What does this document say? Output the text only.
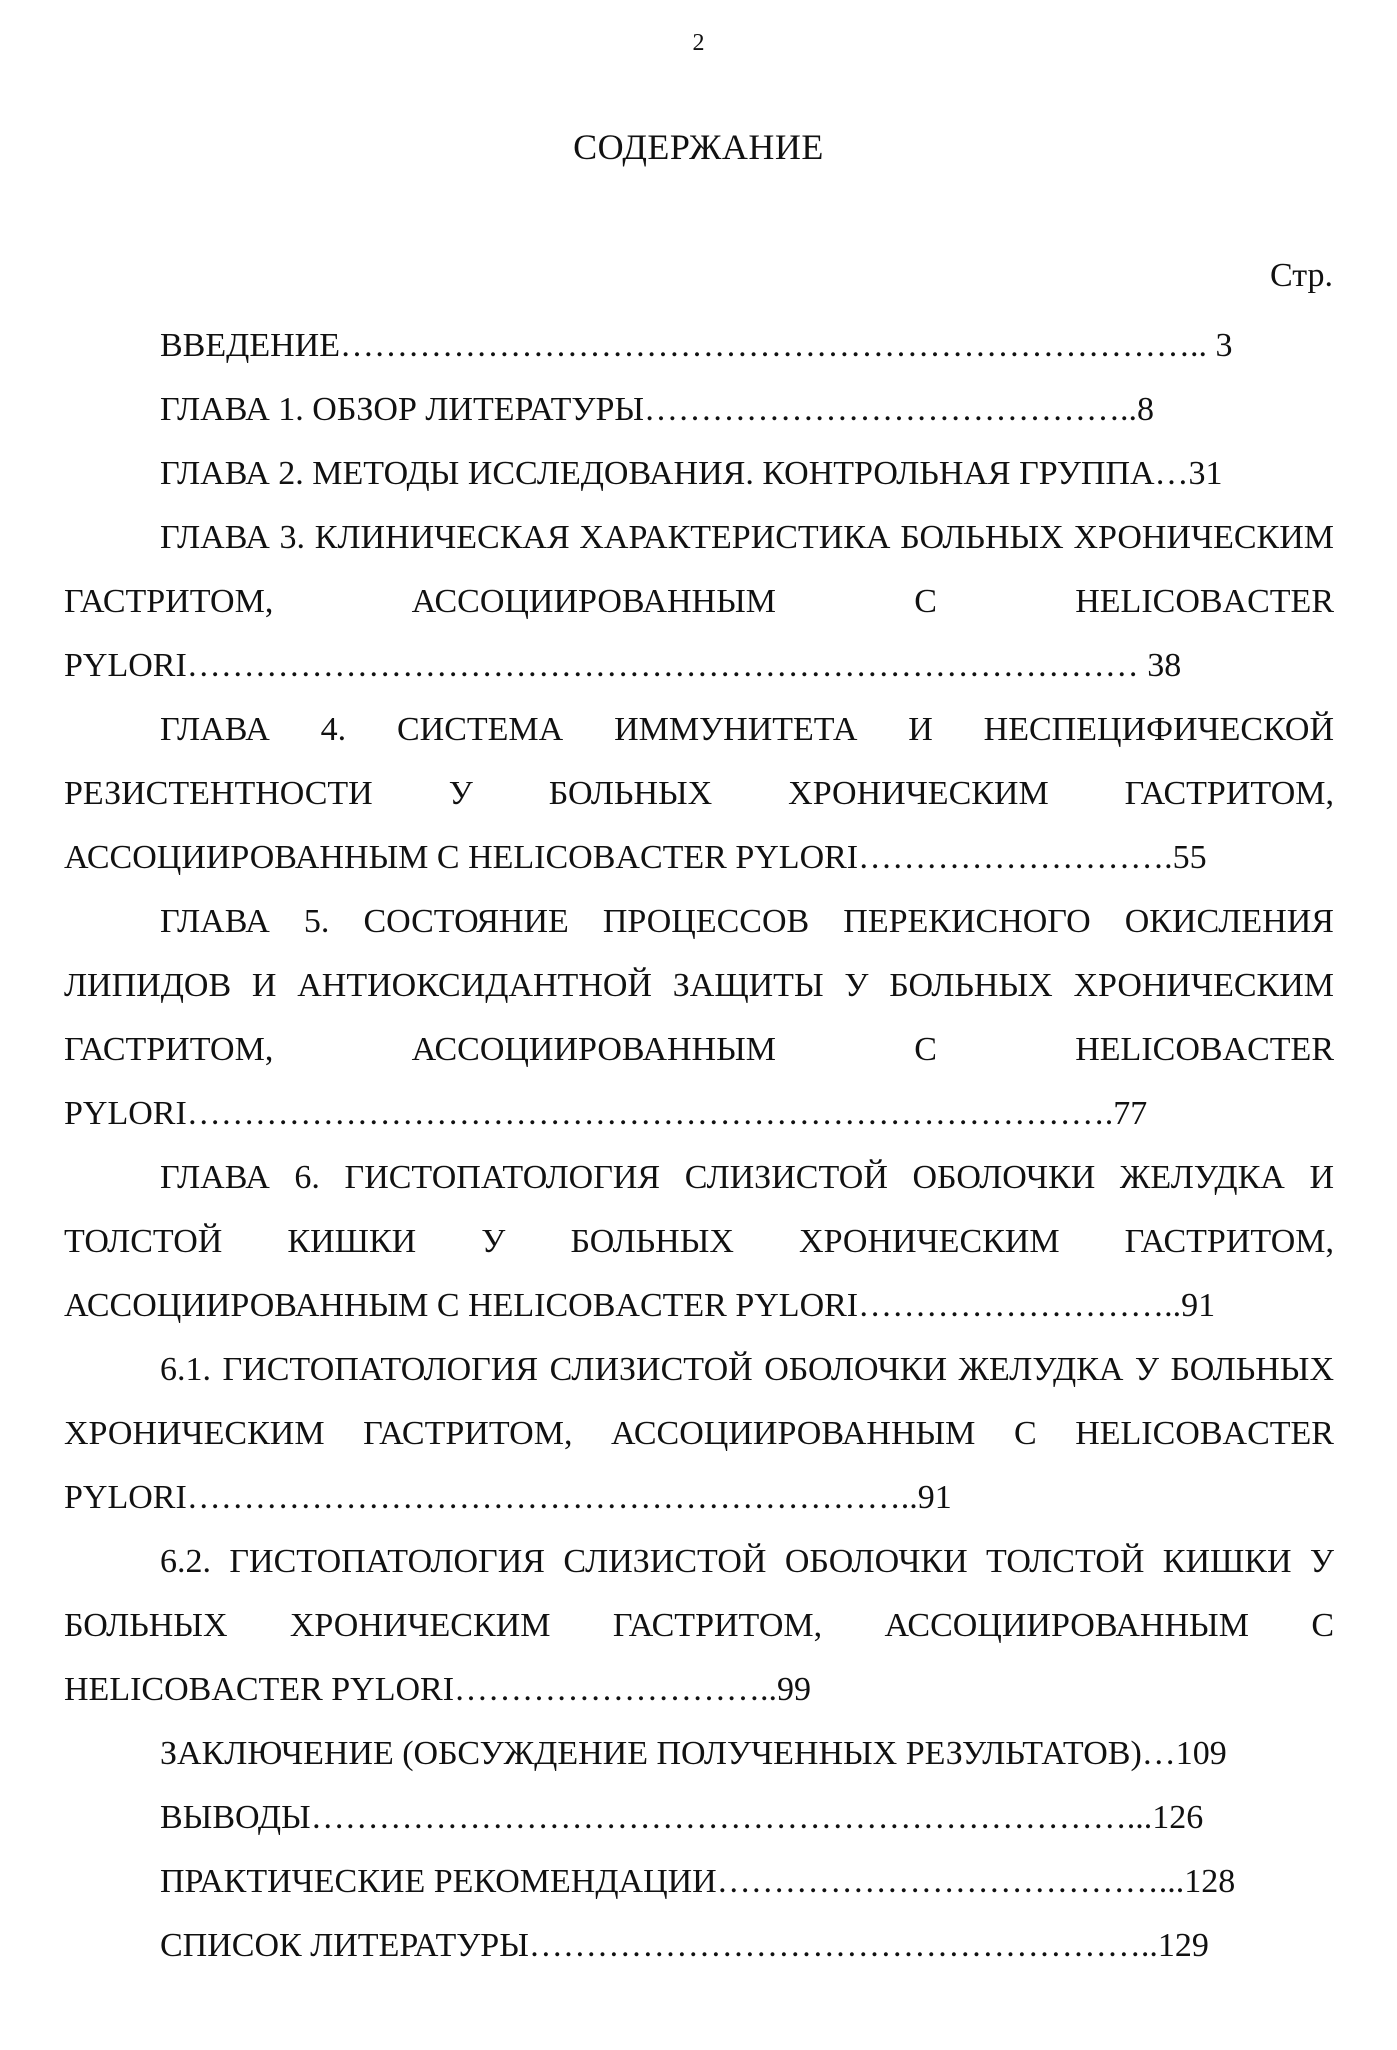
2
СОДЕРЖАНИЕ
Стр.

ВВЕДЕНИЕ………………………………………………………………….. 3

ГЛАВА 1. ОБЗОР ЛИТЕРАТУРЫ……………………………………..8

ГЛАВА 2. МЕТОДЫ ИССЛЕДОВАНИЯ. КОНТРОЛЬНАЯ ГРУППА…31

ГЛАВА 3. КЛИНИЧЕСКАЯ ХАРАКТЕРИСТИКА БОЛЬНЫХ ХРОНИЧЕСКИМ ГАСТРИТОМ, АССОЦИИРОВАННЫМ С HELICOBACTER PYLORI………………………………………………………………………… 38

ГЛАВА 4. СИСТЕМА ИММУНИТЕТА И НЕСПЕЦИФИЧЕСКОЙ РЕЗИСТЕНТНОСТИ У БОЛЬНЫХ ХРОНИЧЕСКИМ ГАСТРИТОМ, АССОЦИИРОВАННЫМ С HELICOBACTER PYLORI……………………….55

ГЛАВА 5. СОСТОЯНИЕ ПРОЦЕССОВ ПЕРЕКИСНОГО ОКИСЛЕНИЯ ЛИПИДОВ И АНТИОКСИДАНТНОЙ ЗАЩИТЫ У БОЛЬНЫХ ХРОНИЧЕСКИМ ГАСТРИТОМ, АССОЦИИРОВАННЫМ С HELICOBACTER PYLORI……………………………………………………………………….77

ГЛАВА 6. ГИСТОПАТОЛОГИЯ СЛИЗИСТОЙ ОБОЛОЧКИ ЖЕЛУДКА И ТОЛСТОЙ КИШКИ У БОЛЬНЫХ ХРОНИЧЕСКИМ ГАСТРИТОМ, АССОЦИИРОВАННЫМ С HELICOBACTER PYLORI………………………..91

6.1. ГИСТОПАТОЛОГИЯ СЛИЗИСТОЙ ОБОЛОЧКИ ЖЕЛУДКА У БОЛЬНЫХ ХРОНИЧЕСКИМ ГАСТРИТОМ, АССОЦИИРОВАННЫМ С HELICOBACTER PYLORI………………………………………………………..91

6.2. ГИСТОПАТОЛОГИЯ СЛИЗИСТОЙ ОБОЛОЧКИ ТОЛСТОЙ КИШКИ У БОЛЬНЫХ ХРОНИЧЕСКИМ ГАСТРИТОМ, АССОЦИИРОВАННЫМ С HELICOBACTER PYLORI………………………..99

ЗАКЛЮЧЕНИЕ (ОБСУЖДЕНИЕ ПОЛУЧЕННЫХ РЕЗУЛЬТАТОВ)…109

ВЫВОДЫ………………………………………………………………...126

ПРАКТИЧЕСКИЕ РЕКОМЕНДАЦИИ…………………………………...128

СПИСОК ЛИТЕРАТУРЫ………………………………………………..129
